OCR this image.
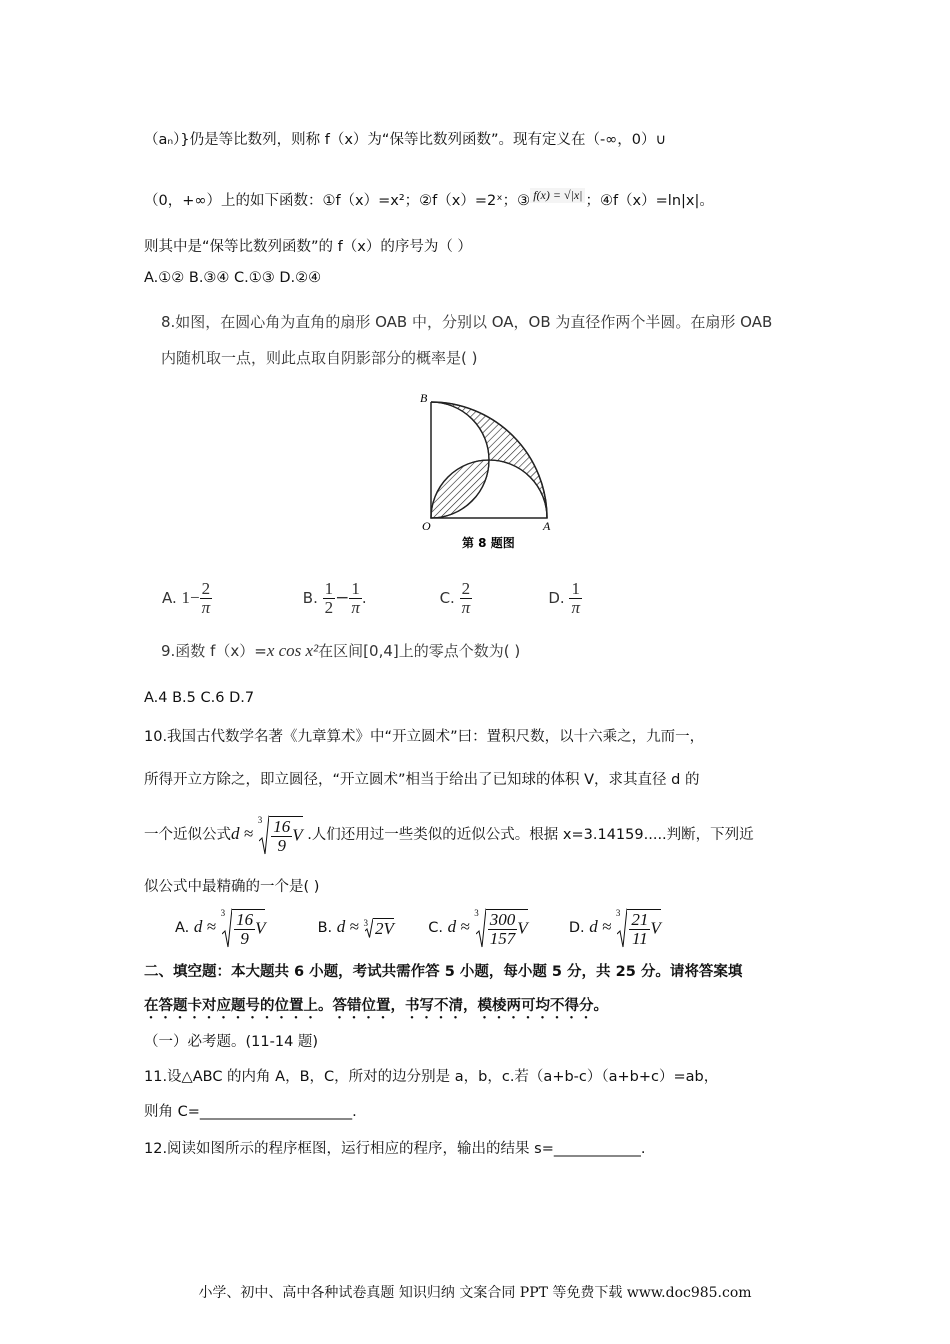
（aₙ）}仍是等比数列，则称 f（x）为“保等比数列函数”。现有定义在（-∞，0）∪
（0，+∞）上的如下函数：①f（x）=x²；②f（x）=2ˣ；③ f(x) = √|x| ；④f（x）=ln|x|。
则其中是“保等比数列函数”的 f（x）的序号为（ ）
A.①② B.③④ C.①③ D.②④
8.如图，在圆心角为直角的扇形 OAB 中，分别以 OA，OB 为直径作两个半圆。在扇形 OAB
内随机取一点，则此点取自阴影部分的概率是( )
B
O	A
第 8 题图
A. $1- \frac{2}{\pi}$	B. $\frac{1}{2} - \frac{1}{\pi}$ .	C. $\frac{2}{\pi}$	D. $\frac{1}{\pi}$
9.函数 f（x）=x cos x²在区间[0,4]上的零点个数为( )
A.4 B.5 C.6 D.7
10.我国古代数学名著《九章算术》中“开立圆术”曰：置积尺数，以十六乘之，九而一，
所得开立方除之，即立圆径，“开立圆术”相当于给出了已知球的体积 V，求其直径 d 的
一个近似公式d ≈
$3 \frac{16}{9}$ V .人们还用过一些类似的近似公式。根据 x=3.14159.....判断，下列近
似公式中最精确的一个是( )
A. d ≈
$3 \frac{16}{9}$ V	B. d ≈ 3 2V C. d ≈
$3 \frac{300}{157}$ V	D. d ≈
$3 \frac{21}{11}$ V
二、填空题：本大题共 6 小题，考试共需作答 5 小题，每小题 5 分，共 25 分。请将答案填
在答题卡对应题号的位置上。答错位置，书写不清，模棱两可均不得分。
（一）必考题。(11-14 题)
11.设△ABC 的内角 A，B，C，所对的边分别是 a，b，c.若（a+b-c）（a+b+c）=ab，
则角 C=_____________________.
12.阅读如图所示的程序框图，运行相应的程序，输出的结果 s=____________.
小学、初中、高中各种试卷真题 知识归纳 文案合同 PPT 等免费下载 www.doc985.com
